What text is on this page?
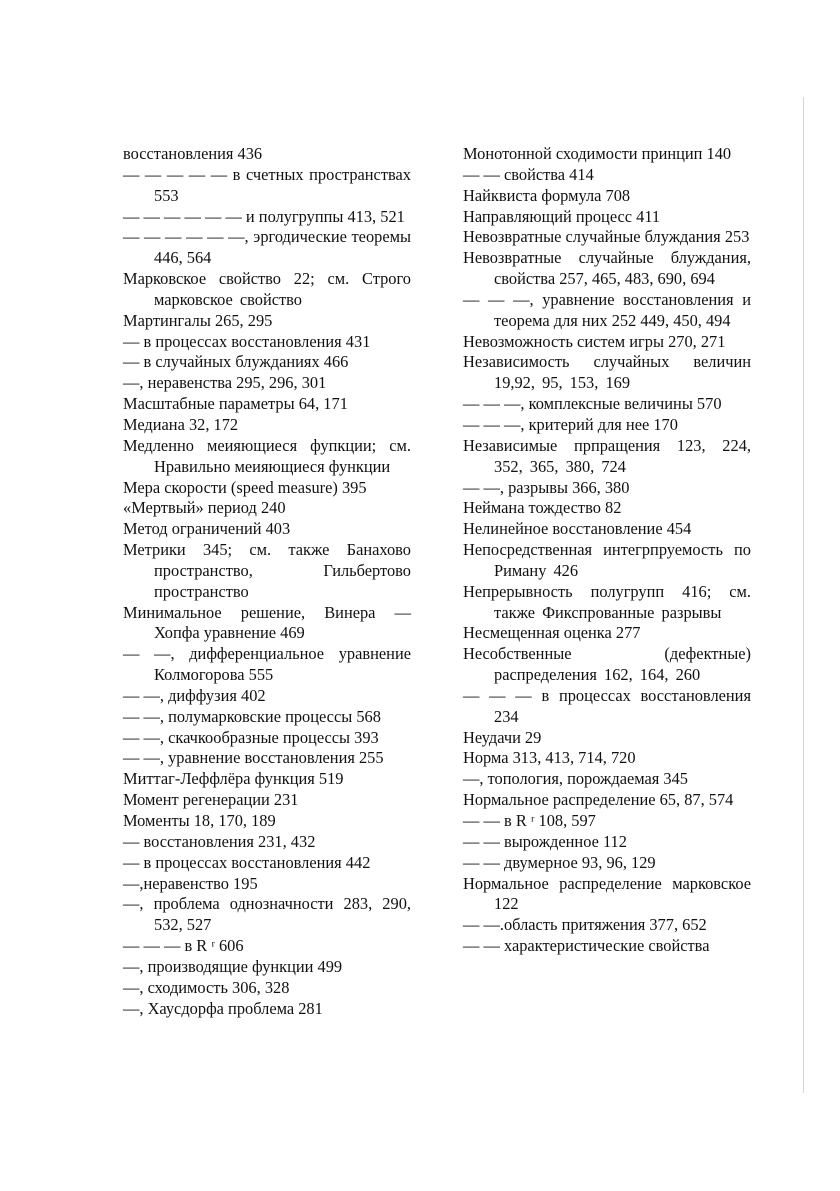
восстановления 436

— — — — — в счетных пространствах 553

— — — — — — и полугруппы 413, 521

— — — — — —, эргодические теоремы 446, 564

Марковское свойство 22; см. Строго марковское свойство

Мартингалы 265, 295

— в процессах восстановления 431

— в случайных блужданиях 466

—, неравенства 295, 296, 301

Масштабные параметры 64, 171

Медиана 32, 172

Медленно меияющиеся фупкции; см. Нравильно меияющиеся функции

Мера скорости (speed measure) 395

«Мертвый» период 240

Метод ограничений 403

Метрики 345; см. также Банахово пространство, Гильбертово пространство

Минимальное решение, Винера — Хопфа уравнение 469

— —, дифференциальное уравнение Колмогорова 555

— —, диффузия 402

— —, полумарковские процессы 568

— —, скачкообразные процессы 393

— —, уравнение восстановления 255

Миттаг-Леффлёра функция 519

Момент регенерации 231

Моменты 18, 170, 189

— восстановления 231, 432

— в процессах восстановления 442

—,неравенство 195

—, проблема однозначности 283, 290, 532, 527

— — — в R ʳ 606

—, производящие функции 499

—, сходимость 306, 328

—, Хаусдорфа проблема 281

Монотонной сходимости принцип 140

— — свойства 414

Найквиста формула 708

Направляющий процесс 411

Невозвратные случайные блуждания 253

Невозвратные случайные блуждания, свойства 257, 465, 483, 690, 694

— — —, уравнение восстановления и теорема для них 252 449, 450, 494

Невозможность систем игры 270, 271

Независимость случайных величин 19,92, 95, 153, 169

— — —, комплексные величины 570

— — —, критерий для нее 170

Независимые прпращения 123, 224, 352, 365, 380, 724

— —, разрывы 366, 380

Неймана тождество 82

Нелинейное восстановление 454

Непосредственная интегрпруемость по Риману 426

Непрерывность полугрупп 416; см. также Фикспрованные разрывы

Несмещенная оценка 277

Несобственные (дефектные) распределения 162, 164, 260

— — — в процессах восстановления 234

Неудачи 29

Норма 313, 413, 714, 720

—, топология, порождаемая 345

Нормальное распределение 65, 87, 574

— — в R ʳ 108, 597

— — вырожденное 112

— — двумерное 93, 96, 129

Нормальное распределение марковское 122

— —.область притяжения 377, 652

— — характеристические свойства
